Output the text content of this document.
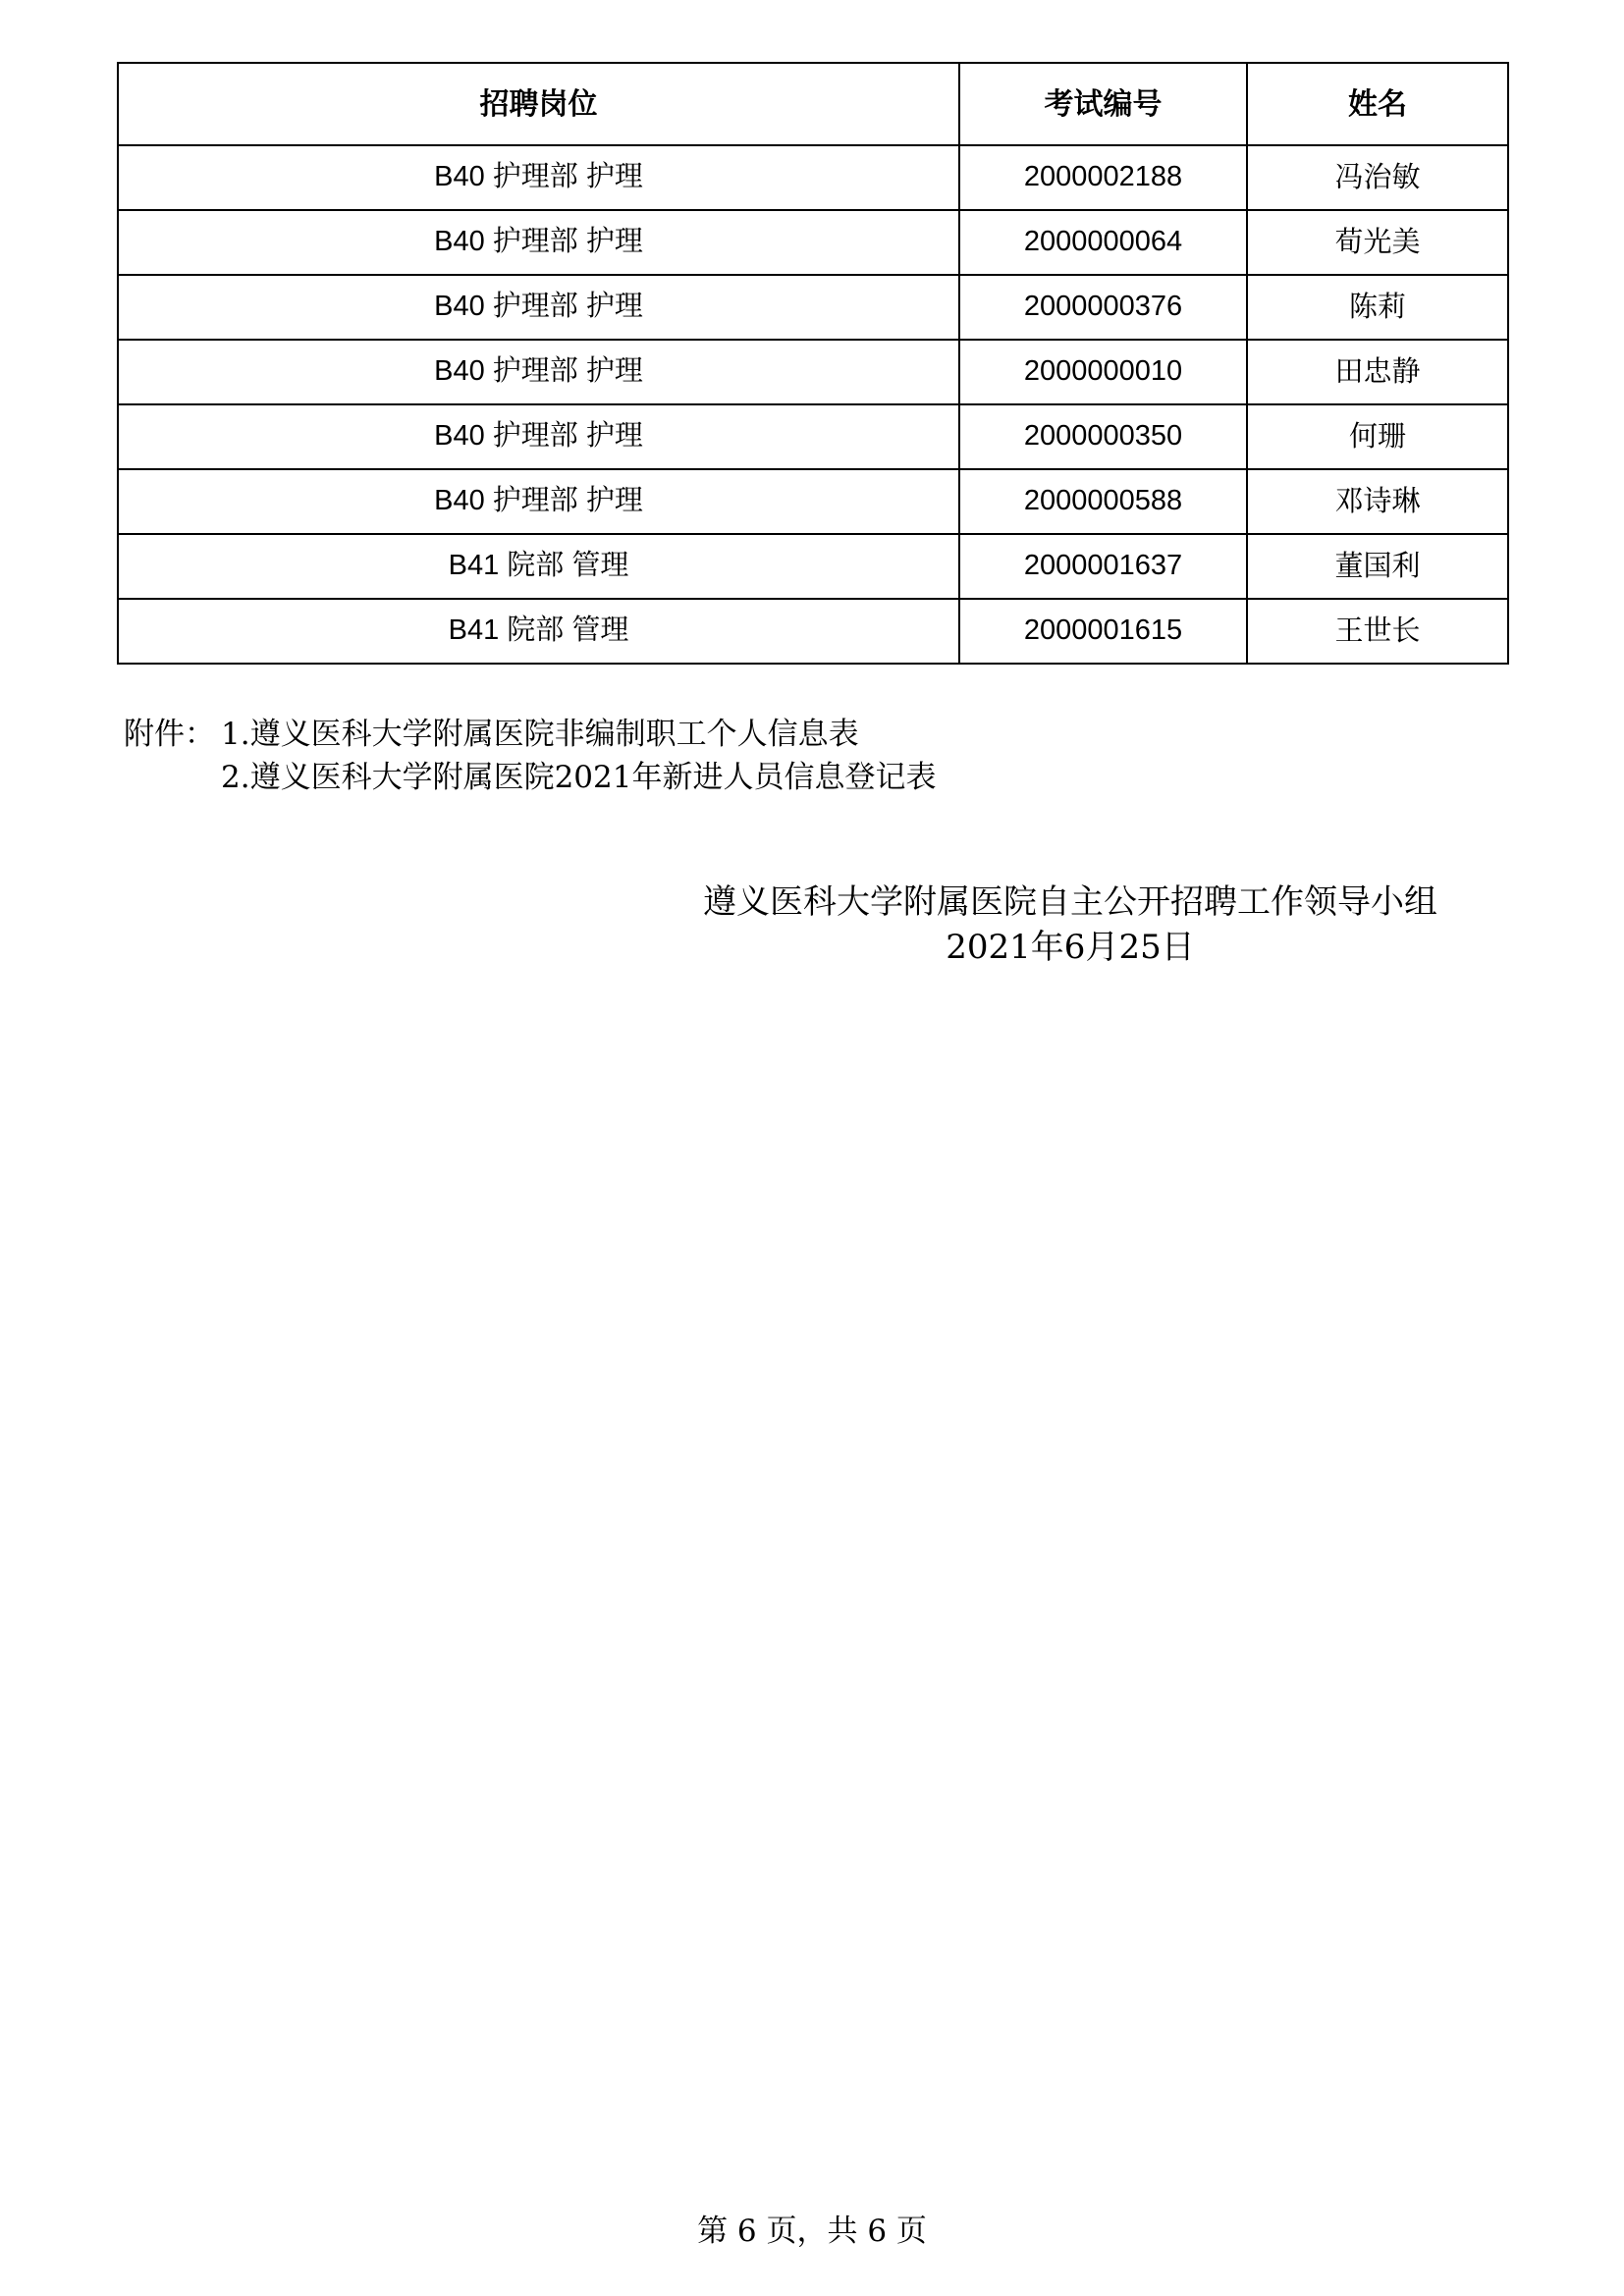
招聘岗位	考试编号	姓名
B40 护理部 护理	2000002188	冯治敏
B40 护理部 护理	2000000064	荀光美
B40 护理部 护理	2000000376	陈莉
B40 护理部 护理	2000000010	田忠静
B40 护理部 护理	2000000350	何珊
B40 护理部 护理	2000000588	邓诗琳
B41 院部 管理	2000001637	董国利
B41 院部 管理	2000001615	王世长
附件： 1.遵义医科大学附属医院非编制职工个人信息表
2.遵义医科大学附属医院2021年新进人员信息登记表
遵义医科大学附属医院自主公开招聘工作领导小组
2021年6月25日
第 6 页，共 6 页
